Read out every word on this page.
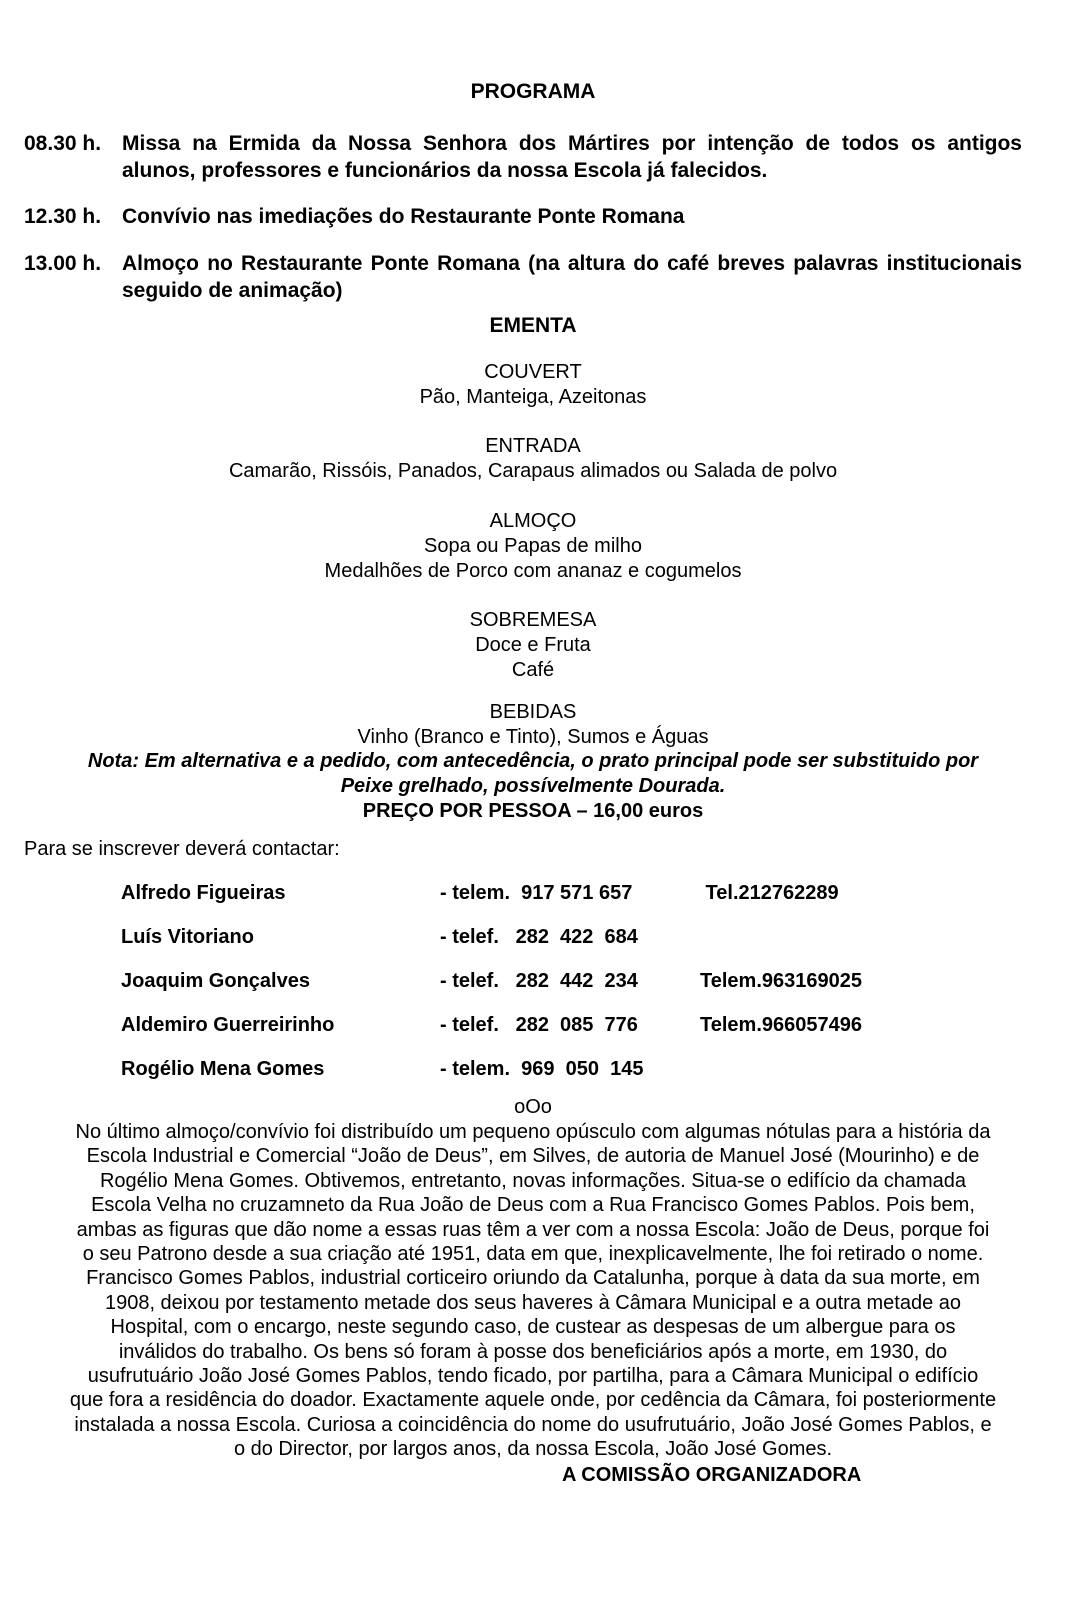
PROGRAMA
08.30 h. Missa na Ermida da Nossa Senhora dos Mártires por intenção de todos os antigos alunos, professores e funcionários da nossa Escola já falecidos.
12.30 h. Convívio nas imediações do Restaurante Ponte Romana
13.00 h. Almoço no Restaurante Ponte Romana (na altura do café breves palavras institucionais seguido de animação)
EMENTA
COUVERT
Pão, Manteiga, Azeitonas
ENTRADA
Camarão, Rissóis, Panados, Carapaus alimados ou Salada de polvo
ALMOÇO
Sopa ou Papas de milho
Medalhões de Porco com ananaz e cogumelos
SOBREMESA
Doce e Fruta
Café
BEBIDAS
Vinho (Branco e Tinto), Sumos e Águas
Nota: Em alternativa e a pedido, com antecedência, o prato principal pode ser substituido por
Peixe grelhado, possívelmente Dourada.
PREÇO POR PESSOA – 16,00 euros
Para se inscrever deverá contactar:
Alfredo Figueiras	- telem.  917 571 657	Tel.212762289
Luís Vitoriano	- telef.   282  422  684
Joaquim Gonçalves	- telef.   282  442  234	Telem.963169025
Aldemiro Guerreirinho	- telef.   282  085  776	Telem.966057496
Rogélio Mena Gomes	- telem.  969  050  145
oOo
No último almoço/convívio foi distribuído um pequeno opúsculo com algumas nótulas para a história da
Escola Industrial e Comercial “João de Deus”, em Silves, de autoria de Manuel José (Mourinho) e de
Rogélio Mena Gomes. Obtivemos, entretanto, novas informações. Situa-se o edifício da chamada
Escola Velha no cruzamneto da Rua João de Deus com a Rua Francisco Gomes Pablos. Pois bem,
ambas as figuras que dão nome a essas ruas têm a ver com a nossa Escola: João de Deus, porque foi
o seu Patrono desde a sua criação até 1951, data em que, inexplicavelmente, lhe foi retirado o nome.
Francisco Gomes Pablos, industrial corticeiro oriundo da Catalunha, porque à data da sua morte, em
1908, deixou por testamento metade dos seus haveres à Câmara Municipal e a outra metade ao
Hospital, com o encargo, neste segundo caso, de custear as despesas de um albergue para os
inválidos do trabalho. Os bens só foram à posse dos beneficiários após a morte, em 1930, do
usufrutuário João José Gomes Pablos, tendo ficado, por partilha, para a Câmara Municipal o edifício
que fora a residência do doador. Exactamente aquele onde, por cedência da Câmara, foi posteriormente
instalada a nossa Escola. Curiosa a coincidência do nome do usufrutuário, João José Gomes Pablos, e
o do Director, por largos anos, da nossa Escola, João José Gomes.
A COMISSÃO ORGANIZADORA
